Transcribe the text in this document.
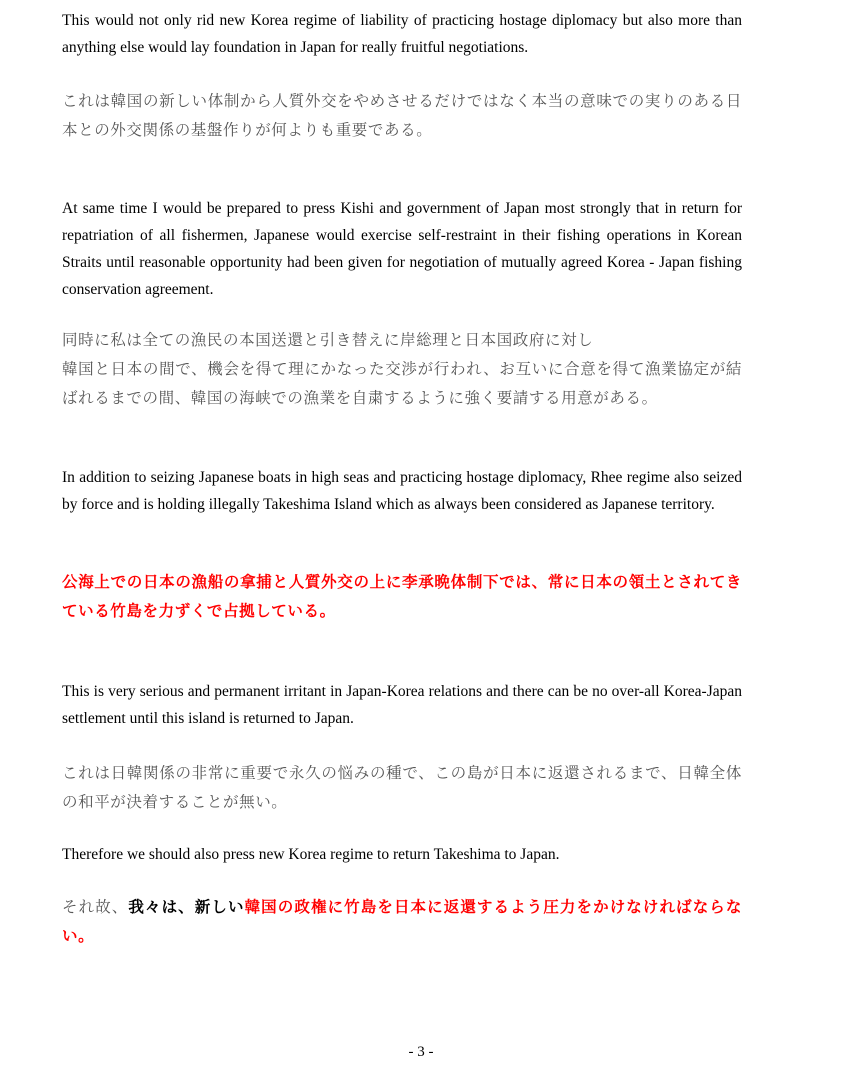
This would not only rid new Korea regime of liability of practicing hostage diplomacy but also more than anything else would lay foundation in Japan for really fruitful negotiations.

これは韓国の新しい体制から人質外交をやめさせるだけではなく本当の意味での実りのある日本との外交関係の基盤作りが何よりも重要である。

At same time I would be prepared to press Kishi and government of Japan most strongly that in return for repatriation of all fishermen, Japanese would exercise self-restraint in their fishing operations in Korean Straits until reasonable opportunity had been given for negotiation of mutually agreed Korea - Japan fishing conservation agreement.

同時に私は全ての漁民の本国送還と引き替えに岸総理と日本国政府に対し
韓国と日本の間で、機会を得て理にかなった交渉が行われ、お互いに合意を得て漁業協定が結ばれるまでの間、韓国の海峡での漁業を自粛するように強く要請する用意がある。

In addition to seizing Japanese boats in high seas and practicing hostage diplomacy, Rhee regime also seized by force and is holding illegally Takeshima Island which as always been considered as Japanese territory.

公海上での日本の漁船の拿捕と人質外交の上に李承晩体制下では、常に日本の領土とされてきている竹島を力ずくで占拠している。

This is very serious and permanent irritant in Japan-Korea relations and there can be no over-all Korea-Japan settlement until this island is returned to Japan.

これは日韓関係の非常に重要で永久の悩みの種で、この島が日本に返還されるまで、日韓全体の和平が決着することが無い。

Therefore we should also press new Korea regime to return Takeshima to Japan.

それ故、我々は、新しい韓国の政権に竹島を日本に返還するよう圧力をかけなければならない。

- 3 -
